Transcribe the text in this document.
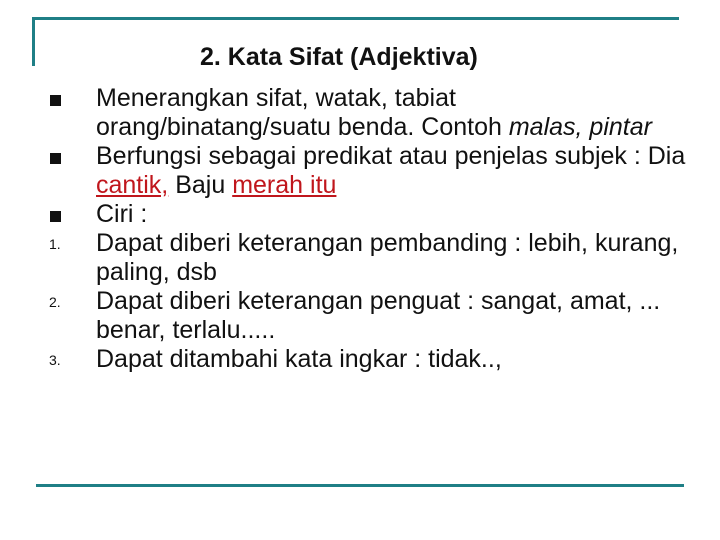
2. Kata Sifat (Adjektiva)
Menerangkan sifat, watak, tabiat orang/binatang/suatu benda. Contoh malas, pintar
Berfungsi sebagai predikat atau penjelas subjek : Dia cantik, Baju merah itu
Ciri :
1. Dapat diberi keterangan pembanding : lebih, kurang, paling, dsb
2. Dapat diberi keterangan penguat : sangat, amat, ... benar, terlalu.....
3. Dapat ditambahi kata ingkar : tidak..,
